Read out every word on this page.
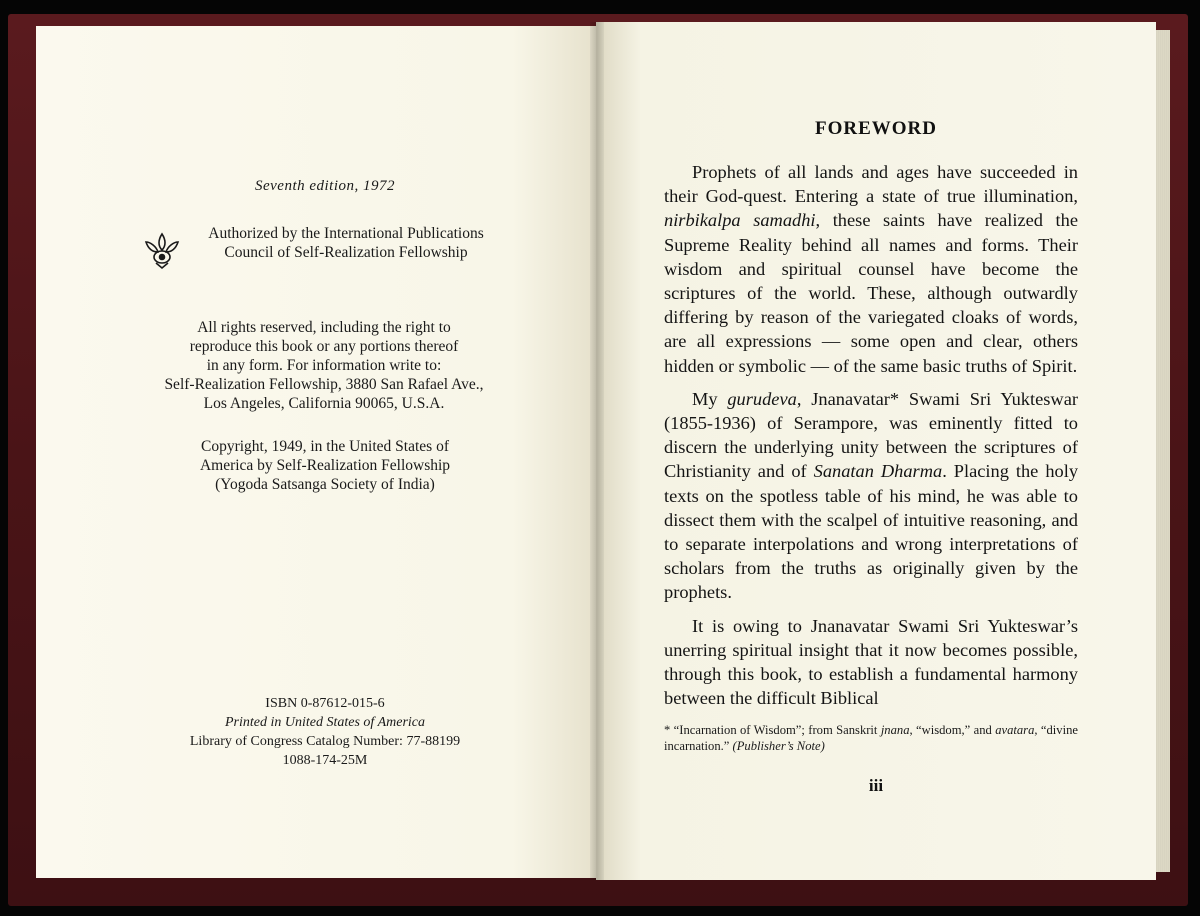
Seventh edition, 1972
Authorized by the International Publications
Council of Self-Realization Fellowship
All rights reserved, including the right to
reproduce this book or any portions thereof
in any form. For information write to:
Self-Realization Fellowship, 3880 San Rafael Ave.,
Los Angeles, California 90065, U.S.A.
Copyright, 1949, in the United States of
America by Self-Realization Fellowship
(Yogoda Satsanga Society of India)
ISBN 0-87612-015-6
Printed in United States of America
Library of Congress Catalog Number: 77-88199
1088-174-25M
FOREWORD

Prophets of all lands and ages have succeeded in their God-quest. Entering a state of true illumination, nirbikalpa samadhi, these saints have realized the Supreme Reality behind all names and forms. Their wisdom and spiritual counsel have become the scriptures of the world. These, although outwardly differing by reason of the variegated cloaks of words, are all expressions — some open and clear, others hidden or symbolic — of the same basic truths of Spirit.

My gurudeva, Jnanavatar* Swami Sri Yukteswar (1855-1936) of Serampore, was eminently fitted to discern the underlying unity between the scriptures of Christianity and of Sanatan Dharma. Placing the holy texts on the spotless table of his mind, he was able to dissect them with the scalpel of intuitive reasoning, and to separate interpolations and wrong interpretations of scholars from the truths as originally given by the prophets.

It is owing to Jnanavatar Swami Sri Yukteswar’s unerring spiritual insight that it now becomes possible, through this book, to establish a fundamental harmony between the difficult Biblical

* “Incarnation of Wisdom”; from Sanskrit jnana, “wisdom,” and avatara, “divine incarnation.” (Publisher’s Note)
iii
